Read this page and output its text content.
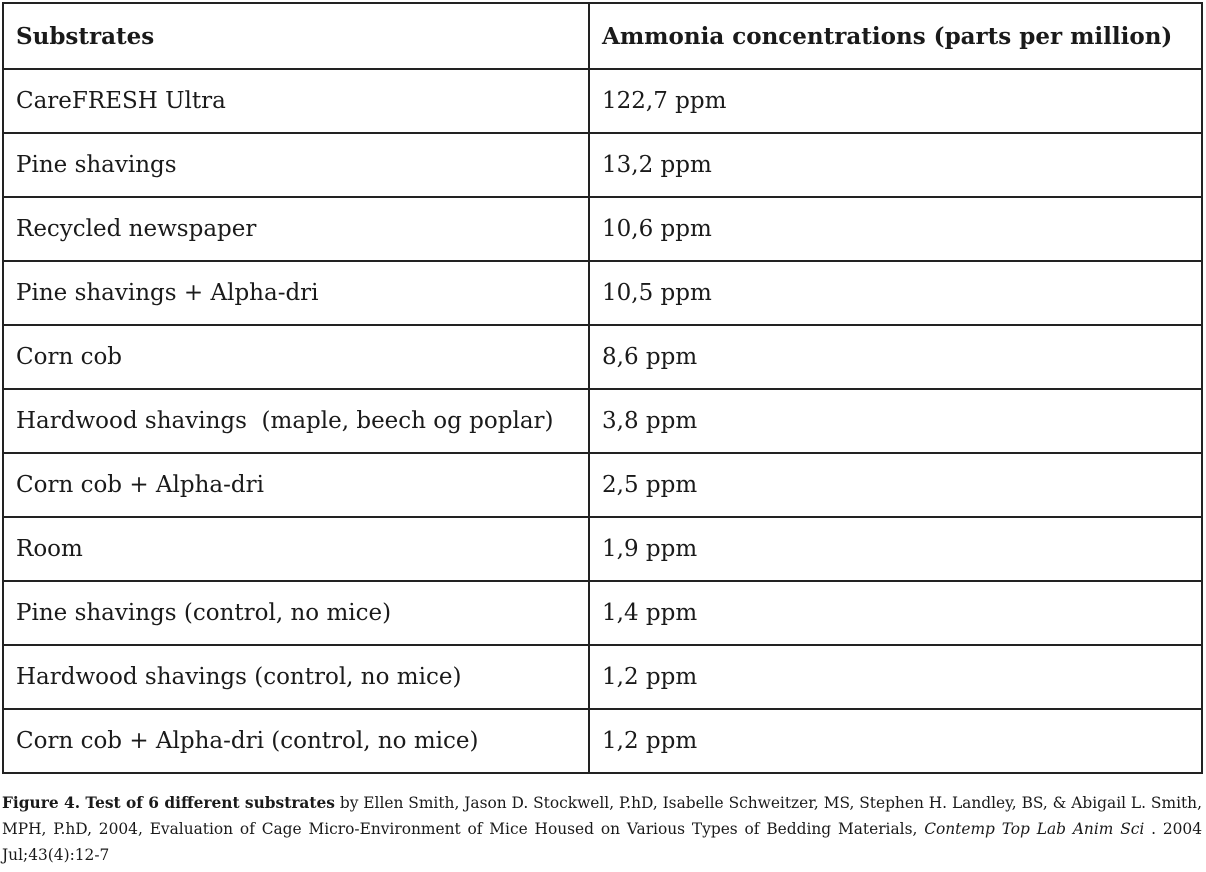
Substrates	Ammonia concentrations (parts per million)
CareFRESH Ultra	122,7 ppm
Pine shavings	13,2 ppm
Recycled newspaper	10,6 ppm
Pine shavings + Alpha-dri	10,5 ppm
Corn cob	8,6 ppm
Hardwood shavings  (maple, beech og poplar)	3,8 ppm
Corn cob + Alpha-dri	2,5 ppm
Room	1,9 ppm
Pine shavings (control, no mice)	1,4 ppm
Hardwood shavings (control, no mice)	1,2 ppm
Corn cob + Alpha-dri (control, no mice)	1,2 ppm
Figure 4. Test of 6 different substrates by Ellen Smith, Jason D. Stockwell, P.hD, Isabelle Schweitzer, MS, Stephen H. Landley, BS, & Abigail L. Smith, MPH, P.hD, 2004, Evaluation of Cage Micro-Environment of Mice Housed on Various Types of Bedding Materials, Contemp Top Lab Anim Sci . 2004 Jul;43(4):12-7
